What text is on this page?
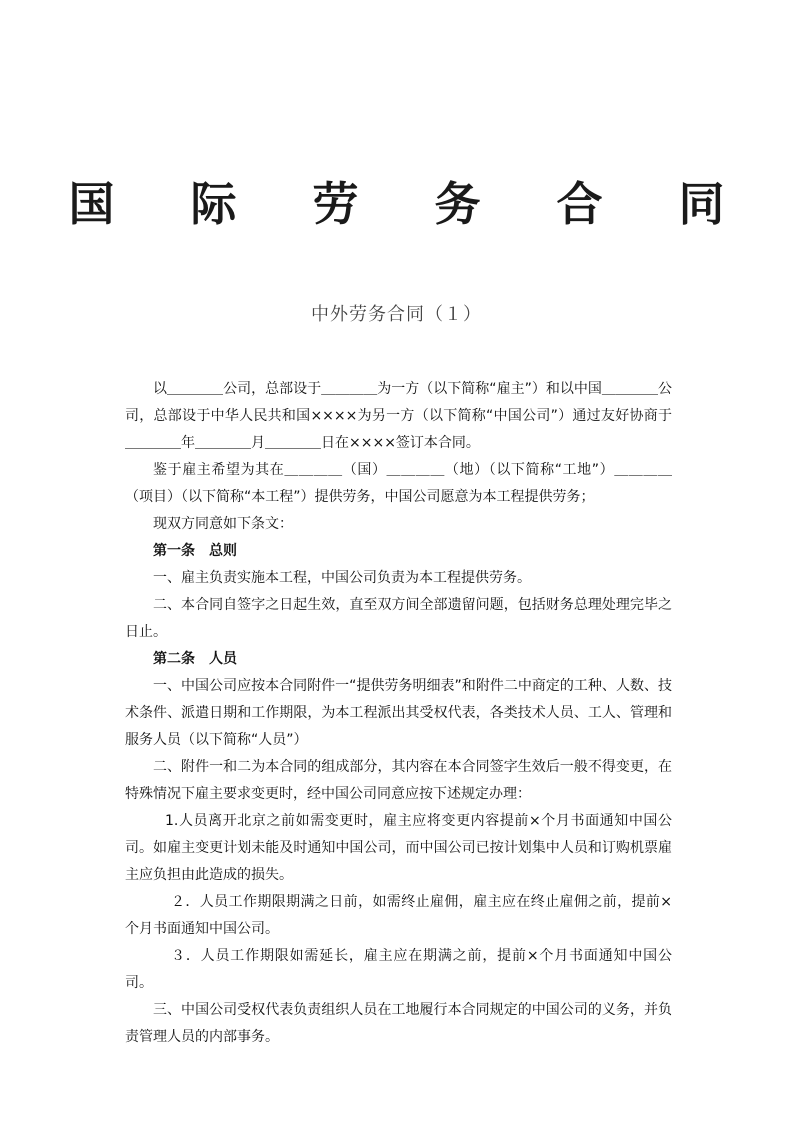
国 际 劳 务 合 同
中外劳务合同（１）

以＿＿＿＿公司，总部设于＿＿＿＿为一方（以下简称“雇主”）和以中国＿＿＿＿公司，总部设于中华人民共和国××××为另一方（以下简称“中国公司”）通过友好协商于＿＿＿＿年＿＿＿＿月＿＿＿＿日在××××签订本合同。

鉴于雇主希望为其在＿＿＿＿（国）＿＿＿＿（地）（以下简称“工地”）＿＿＿＿（项目）（以下简称“本工程”）提供劳务，中国公司愿意为本工程提供劳务；

现双方同意如下条文：

第一条　总则

一、雇主负责实施本工程，中国公司负责为本工程提供劳务。

二、本合同自签字之日起生效，直至双方间全部遗留问题，包括财务总理处理完毕之日止。

第二条　人员

一、中国公司应按本合同附件一“提供劳务明细表”和附件二中商定的工种、人数、技术条件、派遣日期和工作期限，为本工程派出其受权代表，各类技术人员、工人、管理和服务人员（以下简称“人员”）

二、附件一和二为本合同的组成部分，其内容在本合同签字生效后一般不得变更，在特殊情况下雇主要求变更时，经中国公司同意应按下述规定办理：

1.人员离开北京之前如需变更时，雇主应将变更内容提前×个月书面通知中国公司。如雇主变更计划未能及时通知中国公司，而中国公司已按计划集中人员和订购机票雇主应负担由此造成的损失。

２．人员工作期限期满之日前，如需终止雇佣，雇主应在终止雇佣之前，提前×个月书面通知中国公司。

３．人员工作期限如需延长，雇主应在期满之前，提前×个月书面通知中国公司。

三、中国公司受权代表负责组织人员在工地履行本合同规定的中国公司的义务，并负责管理人员的内部事务。
